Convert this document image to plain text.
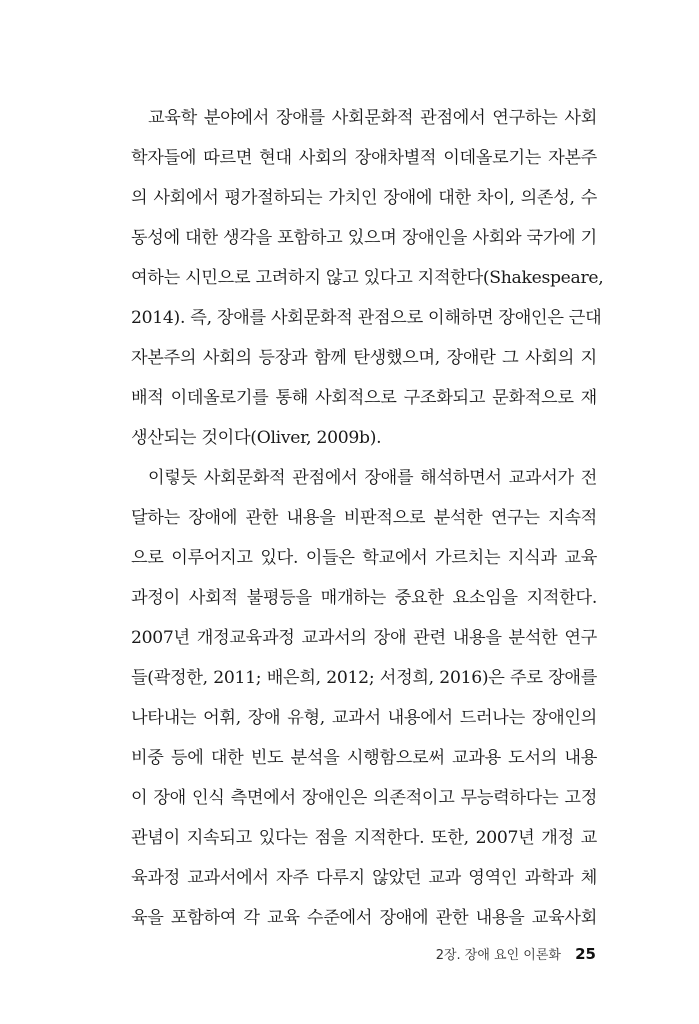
교육학 분야에서 장애를 사회문화적 관점에서 연구하는 사회
학자들에 따르면 현대 사회의 장애차별적 이데올로기는 자본주
의 사회에서 평가절하되는 가치인 장애에 대한 차이, 의존성, 수
동성에 대한 생각을 포함하고 있으며 장애인을 사회와 국가에 기
여하는 시민으로 고려하지 않고 있다고 지적한다(Shakespeare,
2014). 즉, 장애를 사회문화적 관점으로 이해하면 장애인은 근대
자본주의 사회의 등장과 함께 탄생했으며, 장애란 그 사회의 지
배적 이데올로기를 통해 사회적으로 구조화되고 문화적으로 재
생산되는 것이다(Oliver, 2009b).
이렇듯 사회문화적 관점에서 장애를 해석하면서 교과서가 전
달하는 장애에 관한 내용을 비판적으로 분석한 연구는 지속적
으로 이루어지고 있다. 이들은 학교에서 가르치는 지식과 교육
과정이 사회적 불평등을 매개하는 중요한 요소임을 지적한다.
2007년 개정교육과정 교과서의 장애 관련 내용을 분석한 연구
들(곽정한, 2011; 배은희, 2012; 서정희, 2016)은 주로 장애를
나타내는 어휘, 장애 유형, 교과서 내용에서 드러나는 장애인의
비중 등에 대한 빈도 분석을 시행함으로써 교과용 도서의 내용
이 장애 인식 측면에서 장애인은 의존적이고 무능력하다는 고정
관념이 지속되고 있다는 점을 지적한다. 또한, 2007년 개정 교
육과정 교과서에서 자주 다루지 않았던 교과 영역인 과학과 체
육을 포함하여 각 교육 수준에서 장애에 관한 내용을 교육사회
2장. 장애 요인 이론화 25
